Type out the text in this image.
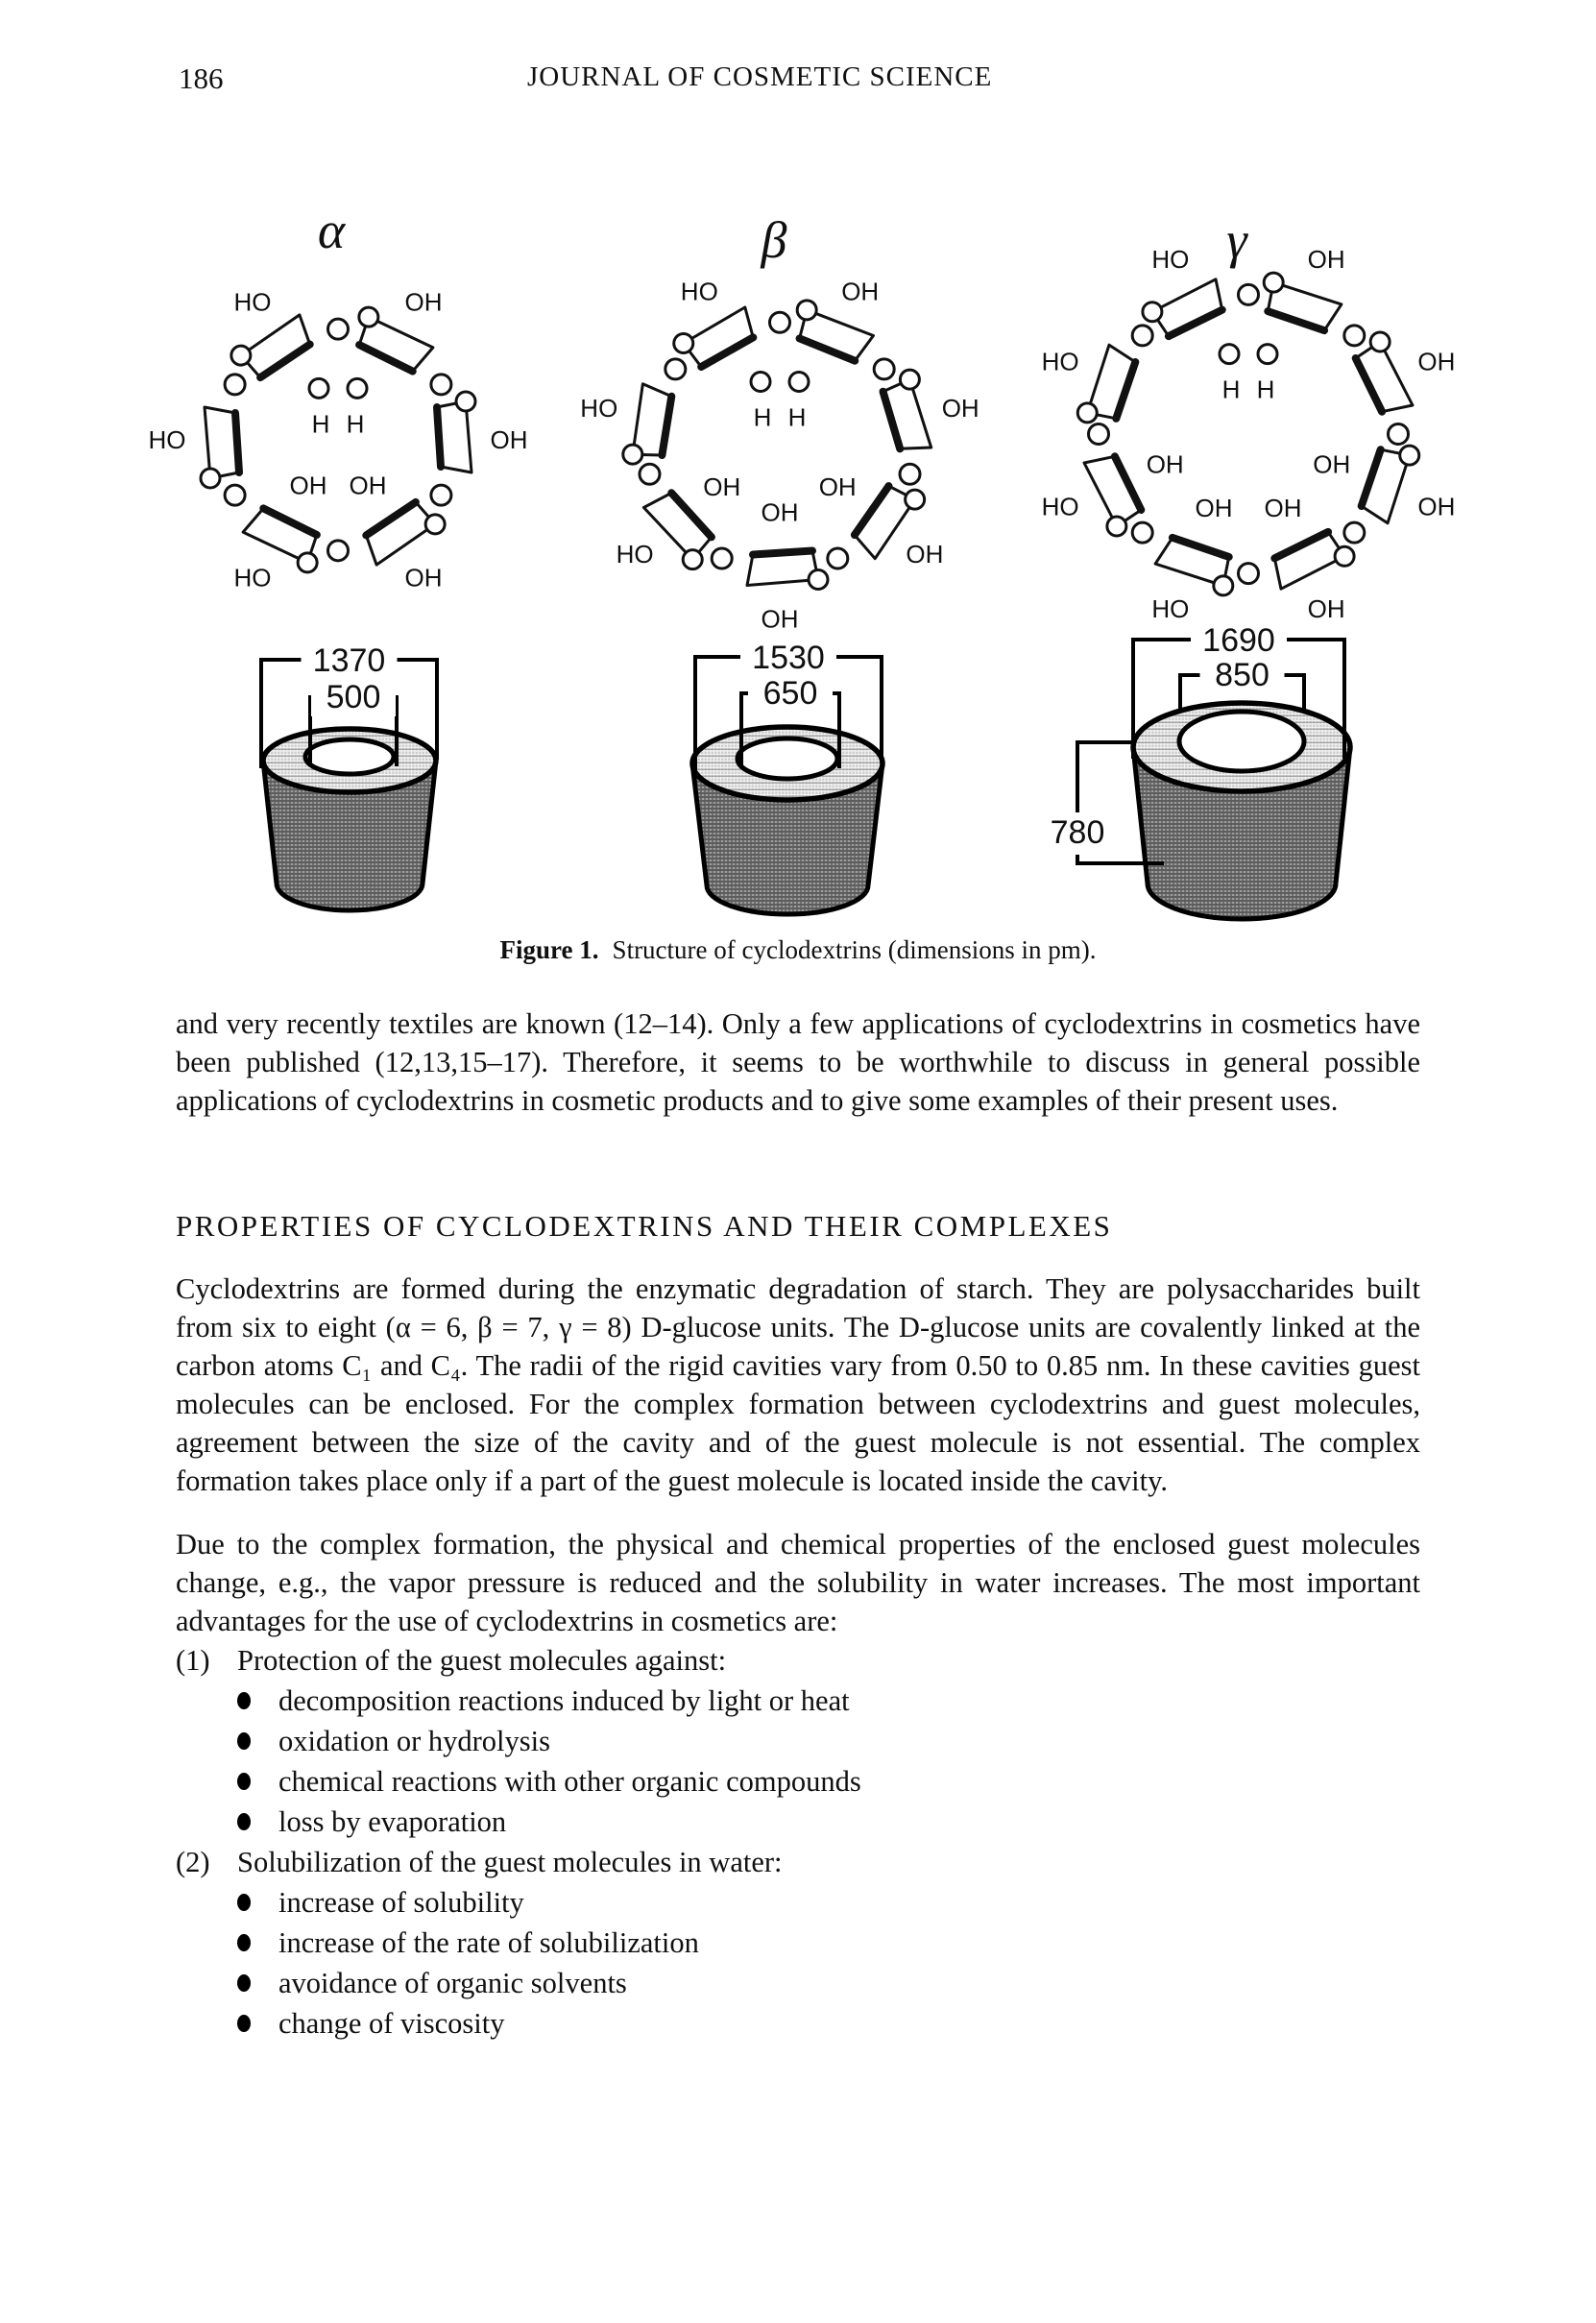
186	JOURNAL OF COSMETIC SCIENCE
α
OH
OH
OH
OH
HO
OH
HO
HO
H H
β
OH
OH
OH
OH
OH
OH
HO
OH
HO
HO
H H
γ OH
OH
OH
OH
OH
OH
HO
OH
HO
OH
HO
HO
H H
1370
500
1530
650
1690
850
780
Figure 1. Structure of cyclodextrins (dimensions in pm).

and very recently textiles are known (12–14). Only a few applications of cyclodextrins in cosmetics have been published (12,13,15–17). Therefore, it seems to be worthwhile to discuss in general possible applications of cyclodextrins in cosmetic products and to give some examples of their present uses.

PROPERTIES OF CYCLODEXTRINS AND THEIR COMPLEXES

Cyclodextrins are formed during the enzymatic degradation of starch. They are polysaccharides built from six to eight (α = 6, β = 7, γ = 8) D-glucose units. The D-glucose units are covalently linked at the carbon atoms C₁ and C₄. The radii of the rigid cavities vary from 0.50 to 0.85 nm. In these cavities guest molecules can be enclosed. For the complex formation between cyclodextrins and guest molecules, agreement between the size of the cavity and of the guest molecule is not essential. The complex formation takes place only if a part of the guest molecule is located inside the cavity.

Due to the complex formation, the physical and chemical properties of the enclosed guest molecules change, e.g., the vapor pressure is reduced and the solubility in water increases. The most important advantages for the use of cyclodextrins in cosmetics are:

(1) Protection of the guest molecules against:
decomposition reactions induced by light or heat
oxidation or hydrolysis
chemical reactions with other organic compounds
loss by evaporation
(2) Solubilization of the guest molecules in water:
increase of solubility
increase of the rate of solubilization
avoidance of organic solvents
change of viscosity
